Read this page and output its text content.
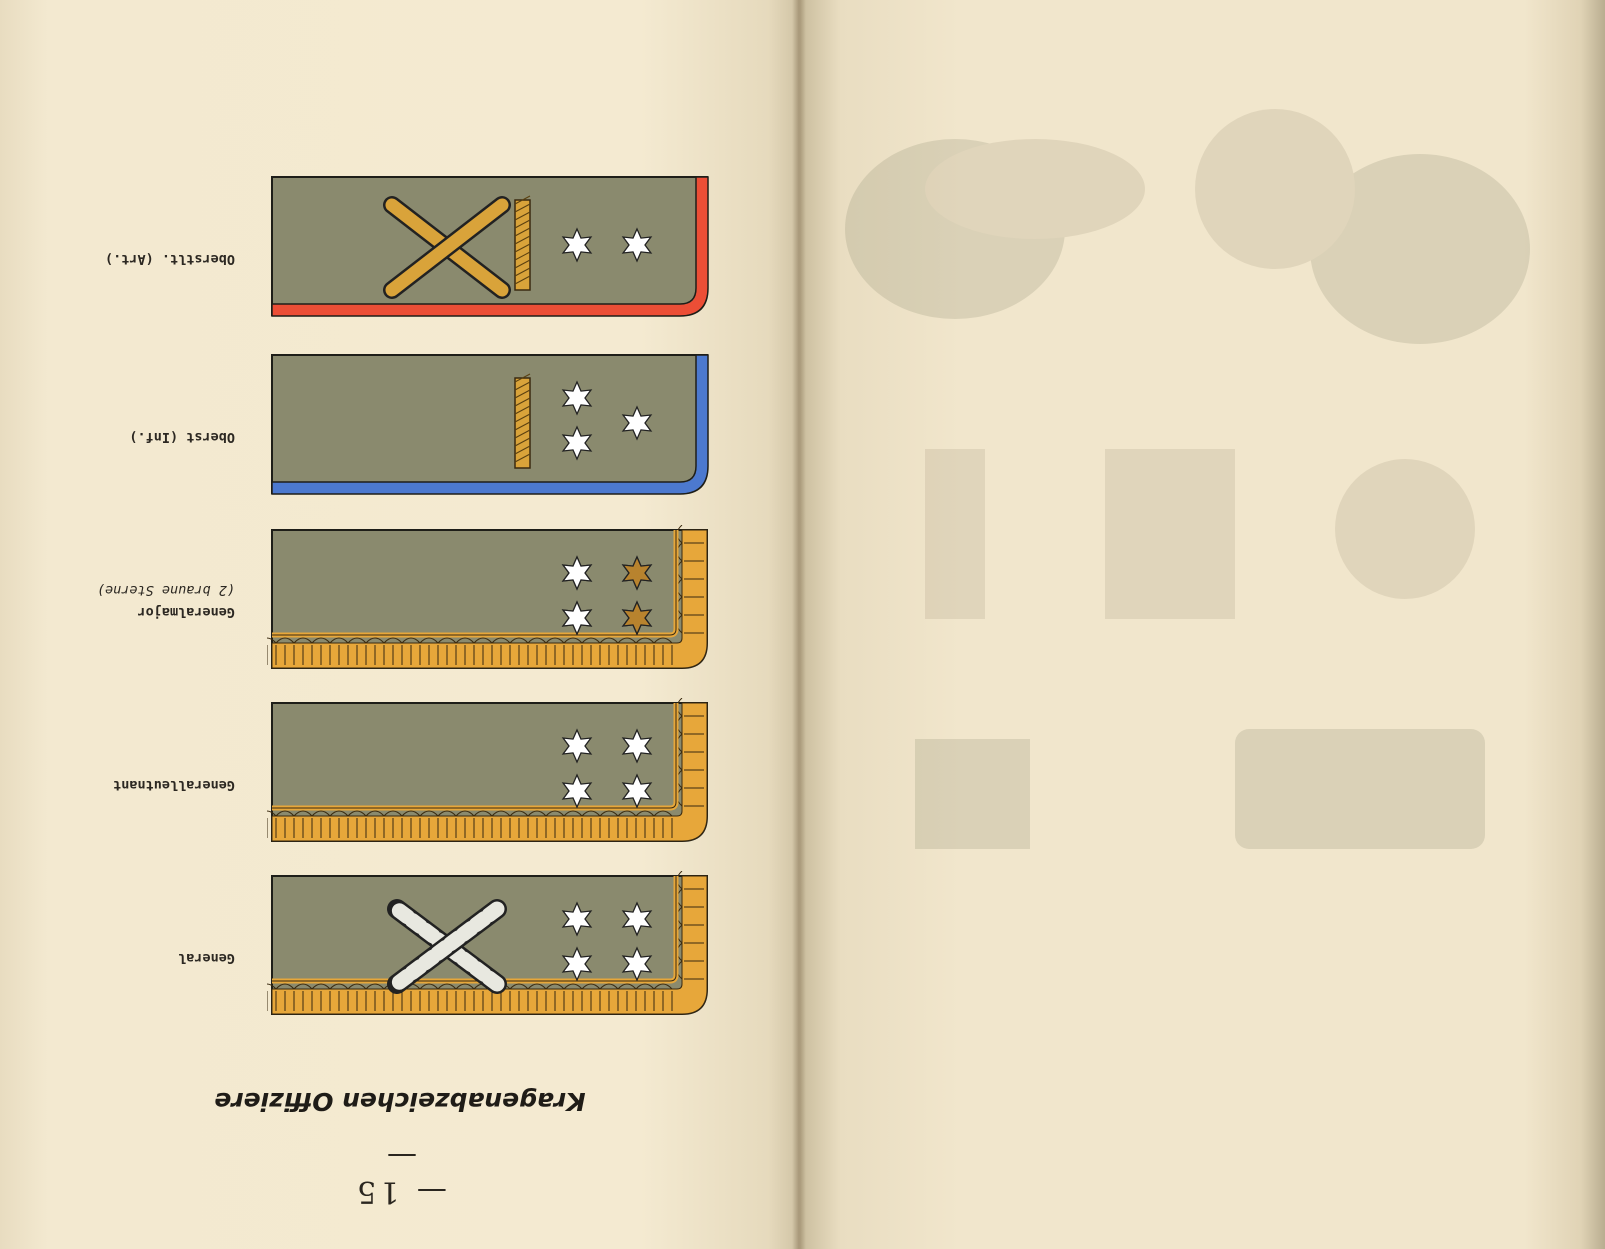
— 15 —
Kragenabzeichen Offiziere
General
Generalleutnant
Generalmajor
(2 braune Sterne)
Oberst (Inf.)
Oberstlt. (Art.)
